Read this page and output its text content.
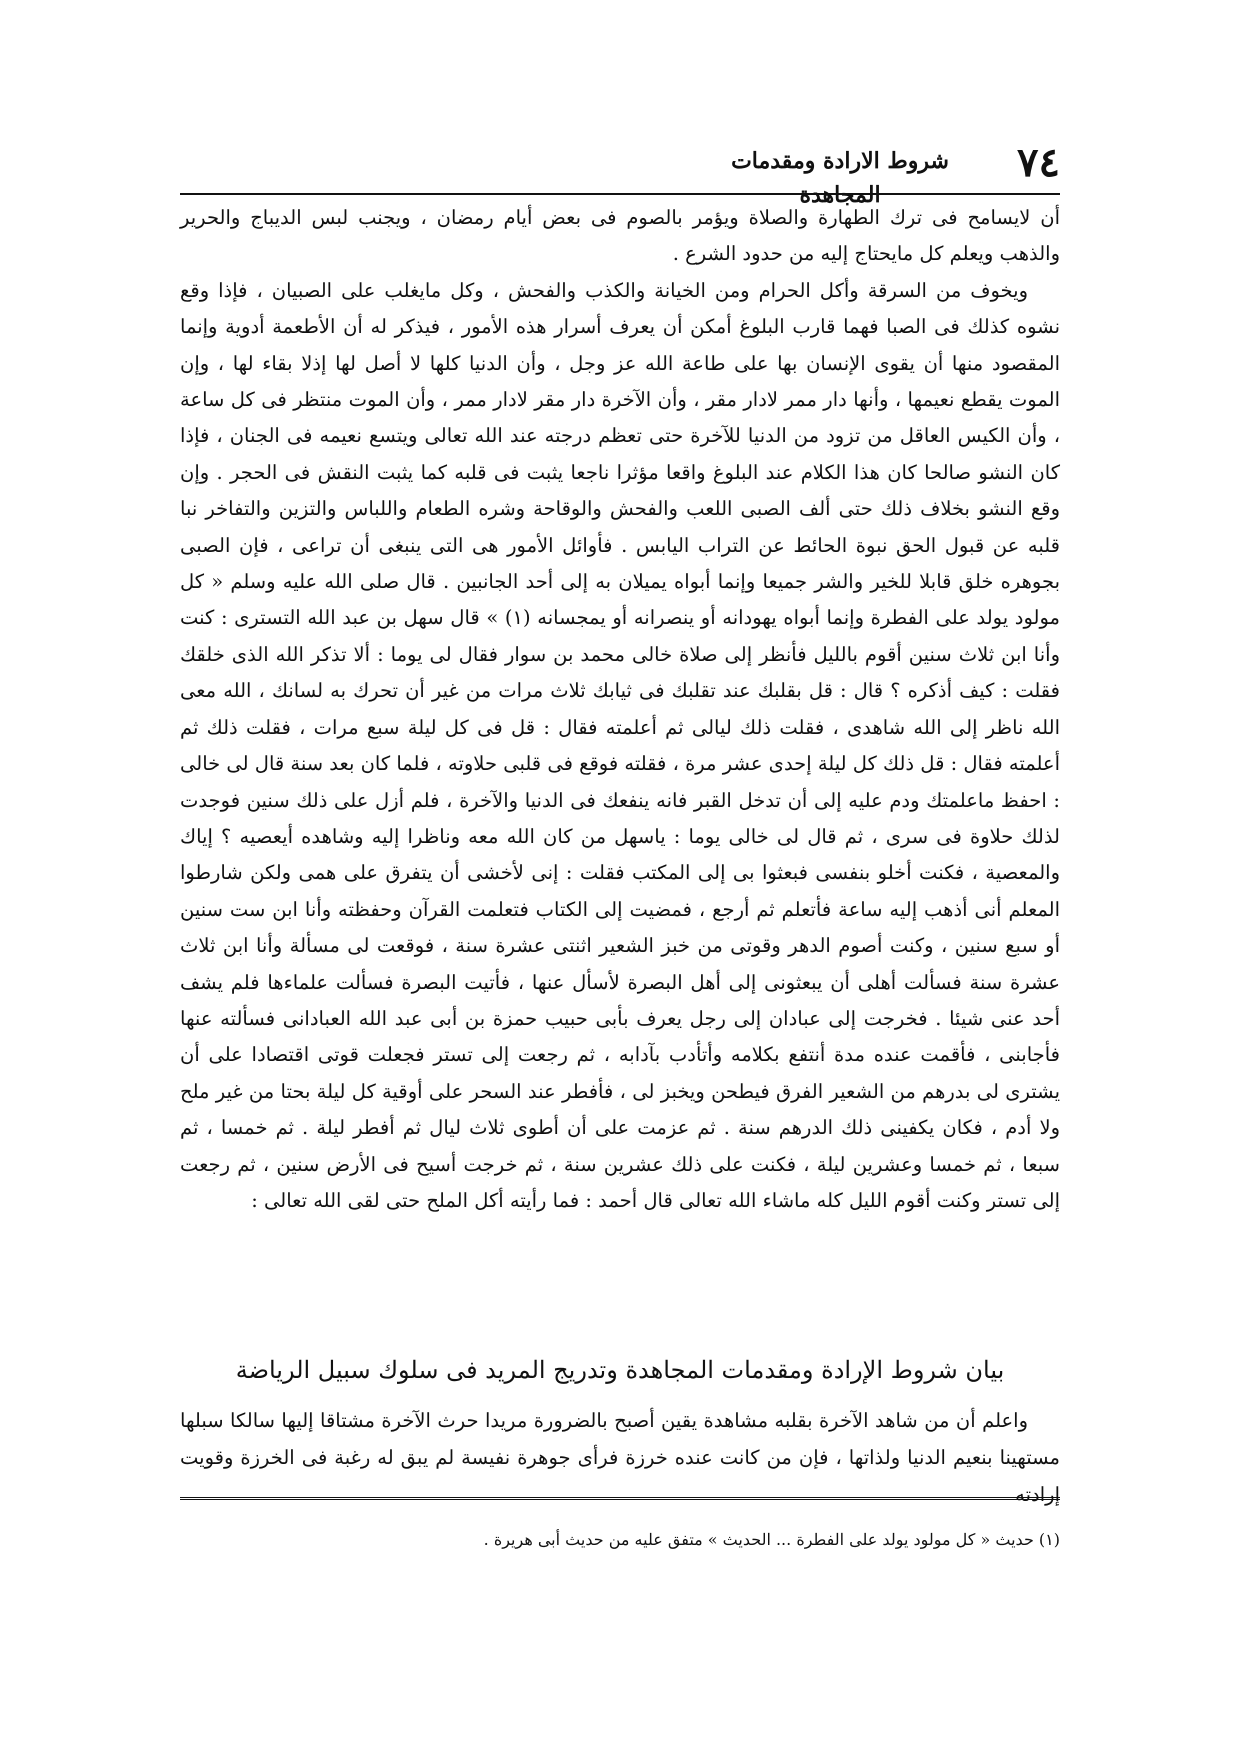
٧٤
شروط الارادة ومقدمات المجاهدة

أن لايسامح فى ترك الطهارة والصلاة ويؤمر بالصوم فى بعض أيام رمضان ، ويجنب لبس الديباج والحرير والذهب ويعلم كل مايحتاج إليه من حدود الشرع .

ويخوف من السرقة وأكل الحرام ومن الخيانة والكذب والفحش ، وكل مايغلب على الصبيان ، فإذا وقع نشوه كذلك فى الصبا فهما قارب البلوغ أمكن أن يعرف أسرار هذه الأمور ، فيذكر له أن الأطعمة أدوية وإنما المقصود منها أن يقوى الإنسان بها على طاعة الله عز وجل ، وأن الدنيا كلها لا أصل لها إذلا بقاء لها ، وإن الموت يقطع نعيمها ، وأنها دار ممر لادار مقر ، وأن الآخرة دار مقر لادار ممر ، وأن الموت منتظر فى كل ساعة ، وأن الكيس العاقل من تزود من الدنيا للآخرة حتى تعظم درجته عند الله تعالى ويتسع نعيمه فى الجنان ، فإذا كان النشو صالحا كان هذا الكلام عند البلوغ واقعا مؤثرا ناجعا يثبت فى قلبه كما يثبت النقش فى الحجر . وإن وقع النشو بخلاف ذلك حتى ألف الصبى اللعب والفحش والوقاحة وشره الطعام واللباس والتزين والتفاخر نبا قلبه عن قبول الحق نبوة الحائط عن التراب اليابس . فأوائل الأمور هى التى ينبغى أن تراعى ، فإن الصبى بجوهره خلق قابلا للخير والشر جميعا وإنما أبواه يميلان به إلى أحد الجانبين . قال صلى الله عليه وسلم « كل مولود يولد على الفطرة وإنما أبواه يهودانه أو ينصرانه أو يمجسانه (١) » قال سهل بن عبد الله التسترى : كنت وأنا ابن ثلاث سنين أقوم بالليل فأنظر إلى صلاة خالى محمد بن سوار فقال لى يوما : ألا تذكر الله الذى خلقك فقلت : كيف أذكره ؟ قال : قل بقلبك عند تقلبك فى ثيابك ثلاث مرات من غير أن تحرك به لسانك ، الله معى الله ناظر إلى الله شاهدى ، فقلت ذلك ليالى ثم أعلمته فقال : قل فى كل ليلة سبع مرات ، فقلت ذلك ثم أعلمته فقال : قل ذلك كل ليلة إحدى عشر مرة ، فقلته فوقع فى قلبى حلاوته ، فلما كان بعد سنة قال لى خالى : احفظ ماعلمتك ودم عليه إلى أن تدخل القبر فانه ينفعك فى الدنيا والآخرة ، فلم أزل على ذلك سنين فوجدت لذلك حلاوة فى سرى ، ثم قال لى خالى يوما : ياسهل من كان الله معه وناظرا إليه وشاهده أيعصيه ؟ إياك والمعصية ، فكنت أخلو بنفسى فبعثوا بى إلى المكتب فقلت : إنى لأخشى أن يتفرق على همى ولكن شارطوا المعلم أنى أذهب إليه ساعة فأتعلم ثم أرجع ، فمضيت إلى الكتاب فتعلمت القرآن وحفظته وأنا ابن ست سنين أو سبع سنين ، وكنت أصوم الدهر وقوتى من خبز الشعير اثنتى عشرة سنة ، فوقعت لى مسألة وأنا ابن ثلاث عشرة سنة فسألت أهلى أن يبعثونى إلى أهل البصرة لأسأل عنها ، فأتيت البصرة فسألت علماءها فلم يشف أحد عنى شيئا . فخرجت إلى عبادان إلى رجل يعرف بأبى حبيب حمزة بن أبى عبد الله العبادانى فسألته عنها فأجابنى ، فأقمت عنده مدة أنتفع بكلامه وأتأدب بآدابه ، ثم رجعت إلى تستر فجعلت قوتى اقتصادا على أن يشترى لى بدرهم من الشعير الفرق فيطحن ويخبز لى ، فأفطر عند السحر على أوقية كل ليلة بحتا من غير ملح ولا أدم ، فكان يكفينى ذلك الدرهم سنة . ثم عزمت على أن أطوى ثلاث ليال ثم أفطر ليلة . ثم خمسا ، ثم سبعا ، ثم خمسا وعشرين ليلة ، فكنت على ذلك عشرين سنة ، ثم خرجت أسيح فى الأرض سنين ، ثم رجعت إلى تستر وكنت أقوم الليل كله ماشاء الله تعالى قال أحمد : فما رأيته أكل الملح حتى لقى الله تعالى :

بيان شروط الإرادة ومقدمات المجاهدة وتدريج المريد فى سلوك سبيل الرياضة
واعلم أن من شاهد الآخرة بقلبه مشاهدة يقين أصبح بالضرورة مريدا حرث الآخرة مشتاقا إليها سالكا سبلها مستهينا بنعيم الدنيا ولذاتها ، فإن من كانت عنده خرزة فرأى جوهرة نفيسة لم يبق له رغبة فى الخرزة وقويت إرادته
(١) حديث « كل مولود يولد على الفطرة ... الحديث » متفق عليه من حديث أبى هريرة .
